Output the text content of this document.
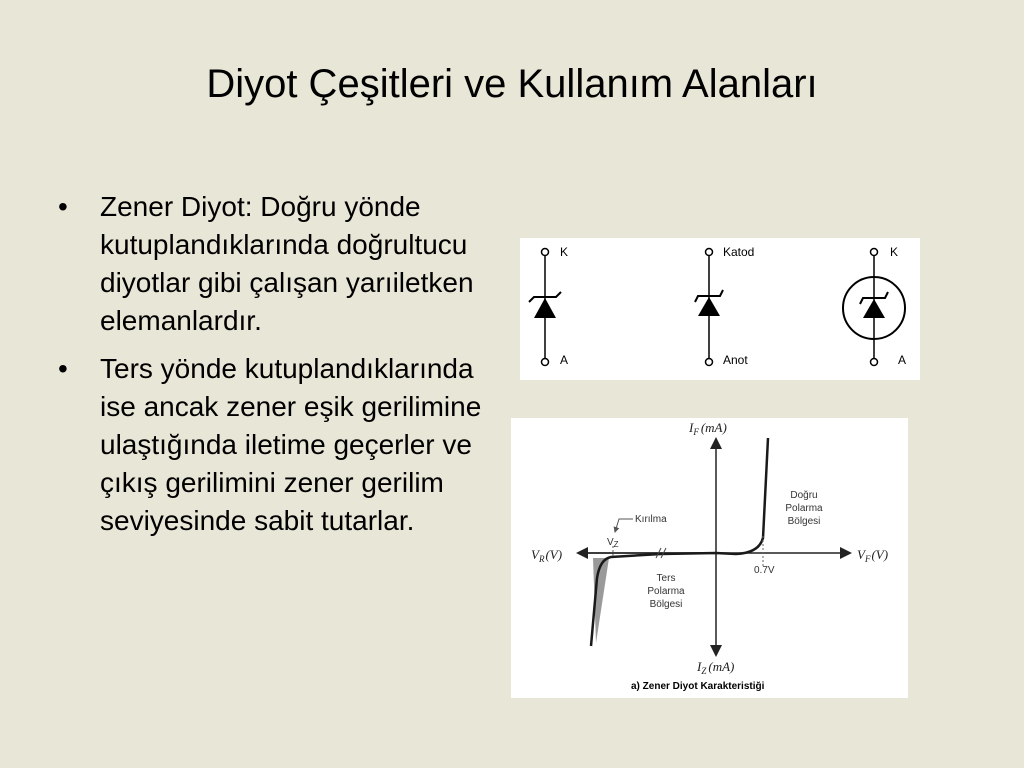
Diyot Çeşitleri ve Kullanım Alanları
•	Zener Diyot: Doğru yönde kutuplandıklarında doğrultucu diyotlar gibi çalışan yarıiletken elemanlardır.
•	Ters yönde kutuplandıklarında ise ancak zener eşik gerilimine ulaştığında iletime geçerler ve çıkış gerilimini zener gerilim seviyesinde sabit tutarlar.
K
A
Katod
Anot
K
A
$I_F$ (mA)
$I_Z$ (mA)
$V_R(V)$	$V_F(V)$
Kırılma
$V_Z$
Doğru
Polarma
Bölgesi
Ters
Polarma
Bölgesi
0.7V
a) Zener Diyot Karakteristiği
